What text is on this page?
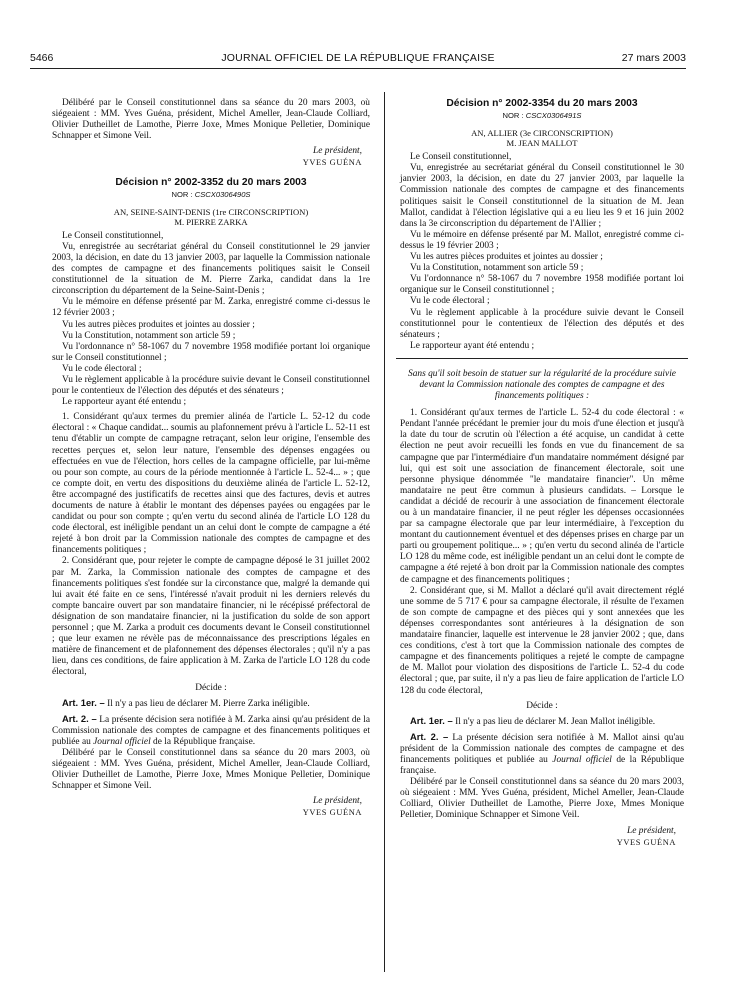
5466	JOURNAL OFFICIEL DE LA RÉPUBLIQUE FRANÇAISE	27 mars 2003

Délibéré par le Conseil constitutionnel dans sa séance du 20 mars 2003, où siégeaient : MM. Yves Guéna, président, Michel Ameller, Jean-Claude Colliard, Olivier Dutheillet de Lamothe, Pierre Joxe, Mmes Monique Pelletier, Dominique Schnapper et Simone Veil.

Le président,
YVES GUÉNA
Décision n° 2002-3352 du 20 mars 2003
NOR : CSCX0306490S
AN, SEINE-SAINT-DENIS (1re CIRCONSCRIPTION)
M. PIERRE ZARKA

Le Conseil constitutionnel,

Vu, enregistrée au secrétariat général du Conseil constitutionnel le 29 janvier 2003, la décision, en date du 13 janvier 2003, par laquelle la Commission nationale des comptes de campagne et des financements politiques saisit le Conseil constitutionnel de la situation de M. Pierre Zarka, candidat dans la 1re circonscription du département de la Seine-Saint-Denis ;

Vu le mémoire en défense présenté par M. Zarka, enregistré comme ci-dessus le 12 février 2003 ;

Vu les autres pièces produites et jointes au dossier ;

Vu la Constitution, notamment son article 59 ;

Vu l'ordonnance n° 58-1067 du 7 novembre 1958 modifiée portant loi organique sur le Conseil constitutionnel ;

Vu le code électoral ;

Vu le règlement applicable à la procédure suivie devant le Conseil constitutionnel pour le contentieux de l'élection des députés et des sénateurs ;

Le rapporteur ayant été entendu ;

1. Considérant qu'aux termes du premier alinéa de l'article L. 52-12 du code électoral : « Chaque candidat... soumis au plafonnement prévu à l'article L. 52-11 est tenu d'établir un compte de campagne retraçant, selon leur origine, l'ensemble des recettes perçues et, selon leur nature, l'ensemble des dépenses engagées ou effectuées en vue de l'élection, hors celles de la campagne officielle, par lui-même ou pour son compte, au cours de la période mentionnée à l'article L. 52-4... » ; que ce compte doit, en vertu des dispositions du deuxième alinéa de l'article L. 52-12, être accompagné des justificatifs de recettes ainsi que des factures, devis et autres documents de nature à établir le montant des dépenses payées ou engagées par le candidat ou pour son compte ; qu'en vertu du second alinéa de l'article LO 128 du code électoral, est inéligible pendant un an celui dont le compte de campagne a été rejeté à bon droit par la Commission nationale des comptes de campagne et des financements politiques ;

2. Considérant que, pour rejeter le compte de campagne déposé le 31 juillet 2002 par M. Zarka, la Commission nationale des comptes de campagne et des financements politiques s'est fondée sur la circonstance que, malgré la demande qui lui avait été faite en ce sens, l'intéressé n'avait produit ni les derniers relevés du compte bancaire ouvert par son mandataire financier, ni le récépissé préfectoral de désignation de son mandataire financier, ni la justification du solde de son apport personnel ; que M. Zarka a produit ces documents devant le Conseil constitutionnel ; que leur examen ne révèle pas de méconnaissance des prescriptions légales en matière de financement et de plafonnement des dépenses électorales ; qu'il n'y a pas lieu, dans ces conditions, de faire application à M. Zarka de l'article LO 128 du code électoral,

Décide :

Art. 1er. – Il n'y a pas lieu de déclarer M. Pierre Zarka inéligible.

Art. 2. – La présente décision sera notifiée à M. Zarka ainsi qu'au président de la Commission nationale des comptes de campagne et des financements politiques et publiée au Journal officiel de la République française.

Délibéré par le Conseil constitutionnel dans sa séance du 20 mars 2003, où siégeaient : MM. Yves Guéna, président, Michel Ameller, Jean-Claude Colliard, Olivier Dutheillet de Lamothe, Pierre Joxe, Mmes Monique Pelletier, Dominique Schnapper et Simone Veil.

Le président,
YVES GUÉNA
Décision n° 2002-3354 du 20 mars 2003
NOR : CSCX0306491S
AN, ALLIER (3e CIRCONSCRIPTION)
M. JEAN MALLOT

Le Conseil constitutionnel,

Vu, enregistrée au secrétariat général du Conseil constitutionnel le 30 janvier 2003, la décision, en date du 27 janvier 2003, par laquelle la Commission nationale des comptes de campagne et des financements politiques saisit le Conseil constitutionnel de la situation de M. Jean Mallot, candidat à l'élection législative qui a eu lieu les 9 et 16 juin 2002 dans la 3e circonscription du département de l'Allier ;

Vu le mémoire en défense présenté par M. Mallot, enregistré comme ci-dessus le 19 février 2003 ;

Vu les autres pièces produites et jointes au dossier ;

Vu la Constitution, notamment son article 59 ;

Vu l'ordonnance n° 58-1067 du 7 novembre 1958 modifiée portant loi organique sur le Conseil constitutionnel ;

Vu le code électoral ;

Vu le règlement applicable à la procédure suivie devant le Conseil constitutionnel pour le contentieux de l'élection des députés et des sénateurs ;

Le rapporteur ayant été entendu ;

Sans qu'il soit besoin de statuer sur la régularité de la procédure suivie devant la Commission nationale des comptes de campagne et des financements politiques :

1. Considérant qu'aux termes de l'article L. 52-4 du code électoral : « Pendant l'année précédant le premier jour du mois d'une élection et jusqu'à la date du tour de scrutin où l'élection a été acquise, un candidat à cette élection ne peut avoir recueilli les fonds en vue du financement de sa campagne que par l'intermédiaire d'un mandataire nommément désigné par lui, qui est soit une association de financement électorale, soit une personne physique dénommée "le mandataire financier". Un même mandataire ne peut être commun à plusieurs candidats. – Lorsque le candidat a décidé de recourir à une association de financement électorale ou à un mandataire financier, il ne peut régler les dépenses occasionnées par sa campagne électorale que par leur intermédiaire, à l'exception du montant du cautionnement éventuel et des dépenses prises en charge par un parti ou groupement politique... » ; qu'en vertu du second alinéa de l'article LO 128 du même code, est inéligible pendant un an celui dont le compte de campagne a été rejeté à bon droit par la Commission nationale des comptes de campagne et des financements politiques ;

2. Considérant que, si M. Mallot a déclaré qu'il avait directement réglé une somme de 5 717 € pour sa campagne électorale, il résulte de l'examen de son compte de campagne et des pièces qui y sont annexées que les dépenses correspondantes sont antérieures à la désignation de son mandataire financier, laquelle est intervenue le 28 janvier 2002 ; que, dans ces conditions, c'est à tort que la Commission nationale des comptes de campagne et des financements politiques a rejeté le compte de campagne de M. Mallot pour violation des dispositions de l'article L. 52-4 du code électoral ; que, par suite, il n'y a pas lieu de faire application de l'article LO 128 du code électoral,

Décide :

Art. 1er. – Il n'y a pas lieu de déclarer M. Jean Mallot inéligible.

Art. 2. – La présente décision sera notifiée à M. Mallot ainsi qu'au président de la Commission nationale des comptes de campagne et des financements politiques et publiée au Journal officiel de la République française.

Délibéré par le Conseil constitutionnel dans sa séance du 20 mars 2003, où siégeaient : MM. Yves Guéna, président, Michel Ameller, Jean-Claude Colliard, Olivier Dutheillet de Lamothe, Pierre Joxe, Mmes Monique Pelletier, Dominique Schnapper et Simone Veil.

Le président,
YVES GUÉNA
